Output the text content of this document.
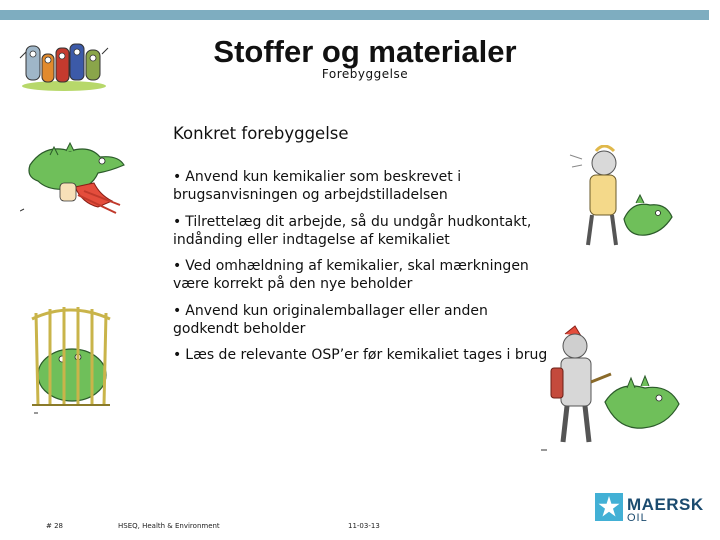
Stoffer og materialer
Forebyggelse
Konkret forebyggelse
• Anvend kun kemikalier som beskrevet i brugsanvisningen og arbejdstilladelsen
• Tilrettelæg dit arbejde, så du undgår hudkontakt, indånding eller indtagelse af kemikaliet
• Ved omhældning af kemikalier, skal mærkningen være korrekt på den nye beholder
• Anvend kun originalemballager eller anden godkendt beholder
• Læs de relevante OSP’er før kemikaliet tages i brug
# 28	HSEQ, Health & Environment	11-03-13
MAERSK
OIL
